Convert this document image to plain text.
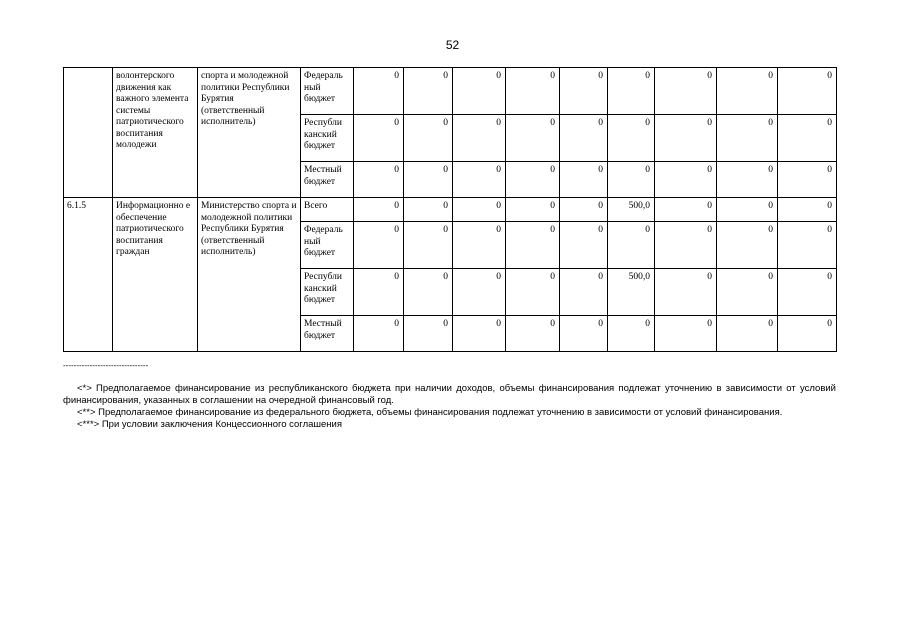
52
	волонтерского движения как важного элемента системы патриотического воспитания молодежи	спорта и молодежной политики Республики Бурятия (ответственный исполнитель)	Федераль ный бюджет	0	0	0	0	0	0	0	0	0
			Республи канский бюджет	0	0	0	0	0	0	0	0	0
			Местный бюджет	0	0	0	0	0	0	0	0	0
6.1.5	Информационно е обеспечение патриотического воспитания граждан	Министерство спорта и молодежной политики Республики Бурятия (ответственный исполнитель)	Всего	0	0	0	0	0	500,0	0	0	0
			Федераль ный бюджет	0	0	0	0	0	0	0	0	0
			Республи канский бюджет	0	0	0	0	0	500,0	0	0	0
			Местный бюджет	0	0	0	0	0	0	0	0	0
--------------------------------

<*> Предполагаемое финансирование из республиканского бюджета при наличии доходов, объемы финансирования подлежат уточнению в зависимости от условий финансирования, указанных в соглашении на очередной финансовый год.

<**> Предполагаемое финансирование из федерального бюджета, объемы финансирования подлежат уточнению в зависимости от условий финансирования.

<***> При условии заключения Концессионного соглашения
